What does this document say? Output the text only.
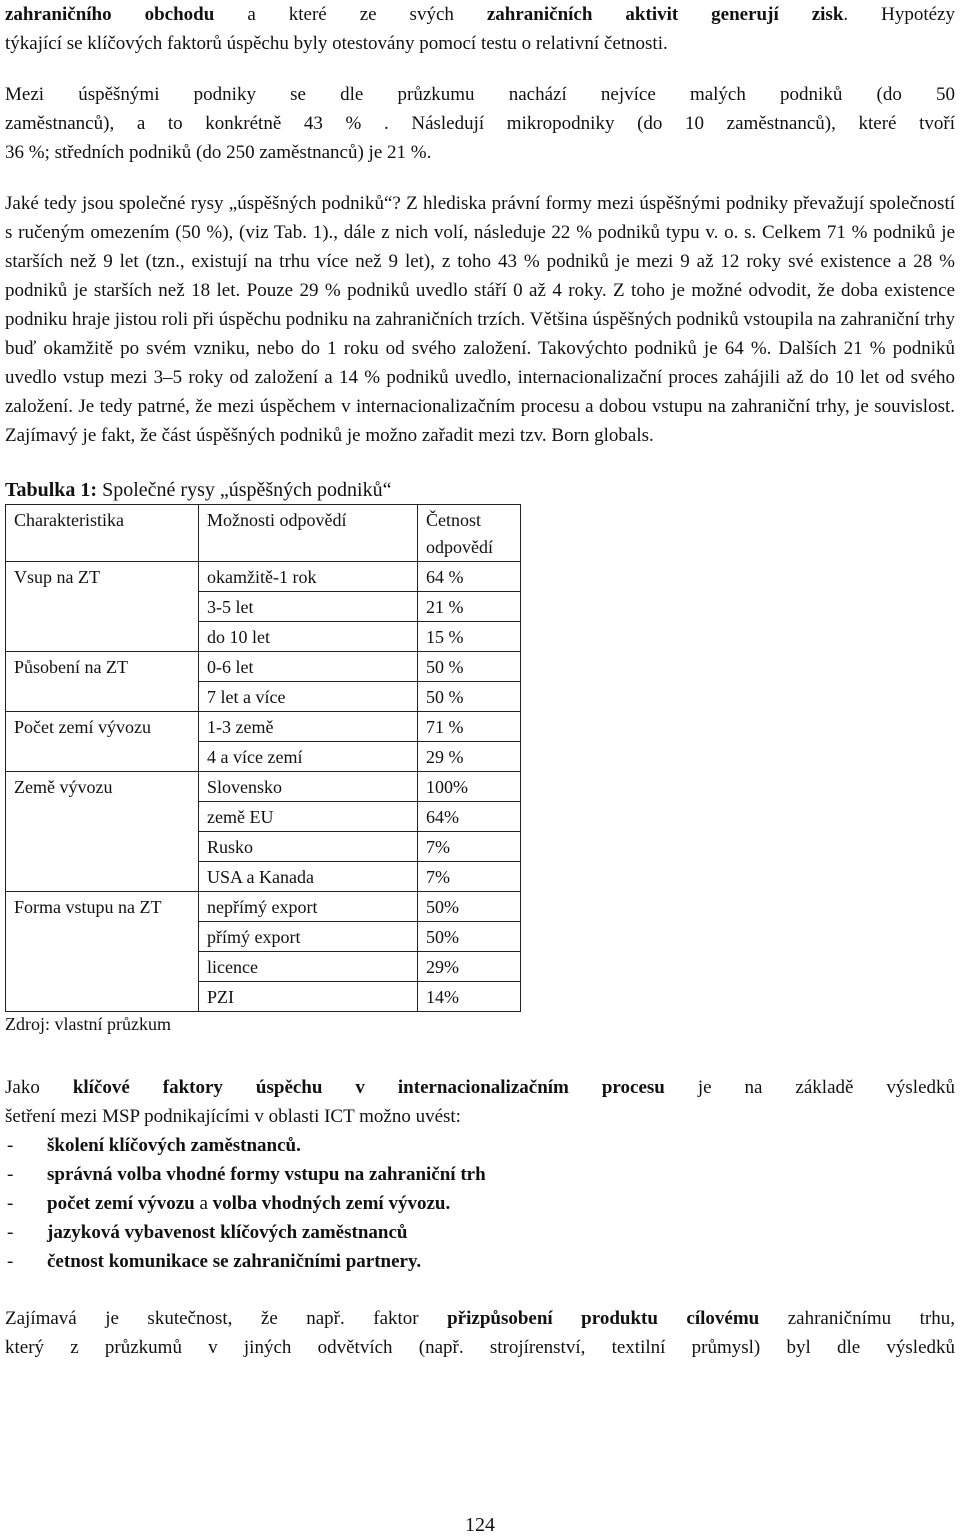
zahraničního obchodu a které ze svých zahraničních aktivit generují zisk. Hypotézy

týkající se klíčových faktorů úspěchu byly otestovány pomocí testu o relativní četnosti.

Mezi úspěšnými podniky se dle průzkumu nachází nejvíce malých podniků (do 50

zaměstnanců), a to konkrétně 43 % . Následují mikropodniky (do 10 zaměstnanců), které tvoří

36 %; středních podniků (do 250 zaměstnanců) je 21 %.

Jaké tedy jsou společné rysy „úspěšných podniků“? Z hlediska právní formy mezi úspěšnými podniky převažují společností s ručeným omezením (50 %), (viz Tab. 1)., dále z nich volí, následuje 22 % podniků typu v. o. s. Celkem 71 % podniků je starších než 9 let (tzn., existují na trhu více než 9 let), z toho 43 % podniků je mezi 9 až 12 roky své existence a 28 % podniků je starších než 18 let. Pouze 29 % podniků uvedlo stáří 0 až 4 roky. Z toho je možné odvodit, že doba existence podniku hraje jistou roli při úspěchu podniku na zahraničních trzích. Většina úspěšných podniků vstoupila na zahraniční trhy buď okamžitě po svém vzniku, nebo do 1 roku od svého založení. Takovýchto podniků je 64 %. Dalších 21 % podniků uvedlo vstup mezi 3–5 roky od založení a 14 % podniků uvedlo, internacionalizační proces zahájili až do 10 let od svého založení. Je tedy patrné, že mezi úspěchem v internacionalizačním procesu a dobou vstupu na zahraniční trhy, je souvislost. Zajímavý je fakt, že část úspěšných podniků je možno zařadit mezi tzv. Born globals.

Tabulka 1: Společné rysy „úspěšných podniků“
Charakteristika	Možnosti odpovědí	Četnost odpovědí
Vsup na ZT	okamžitě-1 rok	64 %
	3-5 let	21 %
	do 10 let	15 %
Působení na ZT	0-6 let	50 %
	7 let a více	50 %
Počet zemí vývozu	1-3 země	71 %
	4 a více zemí	29 %
Země vývozu	Slovensko	100%
	země EU	64%
	Rusko	7%
	USA a Kanada	7%
Forma vstupu na ZT	nepřímý export	50%
	přímý export	50%
	licence	29%
	PZI	14%
Zdroj: vlastní průzkum

Jako klíčové faktory úspěchu v internacionalizačním procesu je na základě výsledků

šetření mezi MSP podnikajícími v oblasti ICT možno uvést:

- školení klíčových zaměstnanců.
- správná volba vhodné formy vstupu na zahraniční trh
- počet zemí vývozu a volba vhodných zemí vývozu.
- jazyková vybavenost klíčových zaměstnanců
- četnost komunikace se zahraničními partnery.

Zajímavá je skutečnost, že např. faktor přizpůsobení produktu cílovému zahraničnímu trhu,

který z průzkumů v jiných odvětvích (např. strojírenství, textilní průmysl) byl dle výsledků

124
